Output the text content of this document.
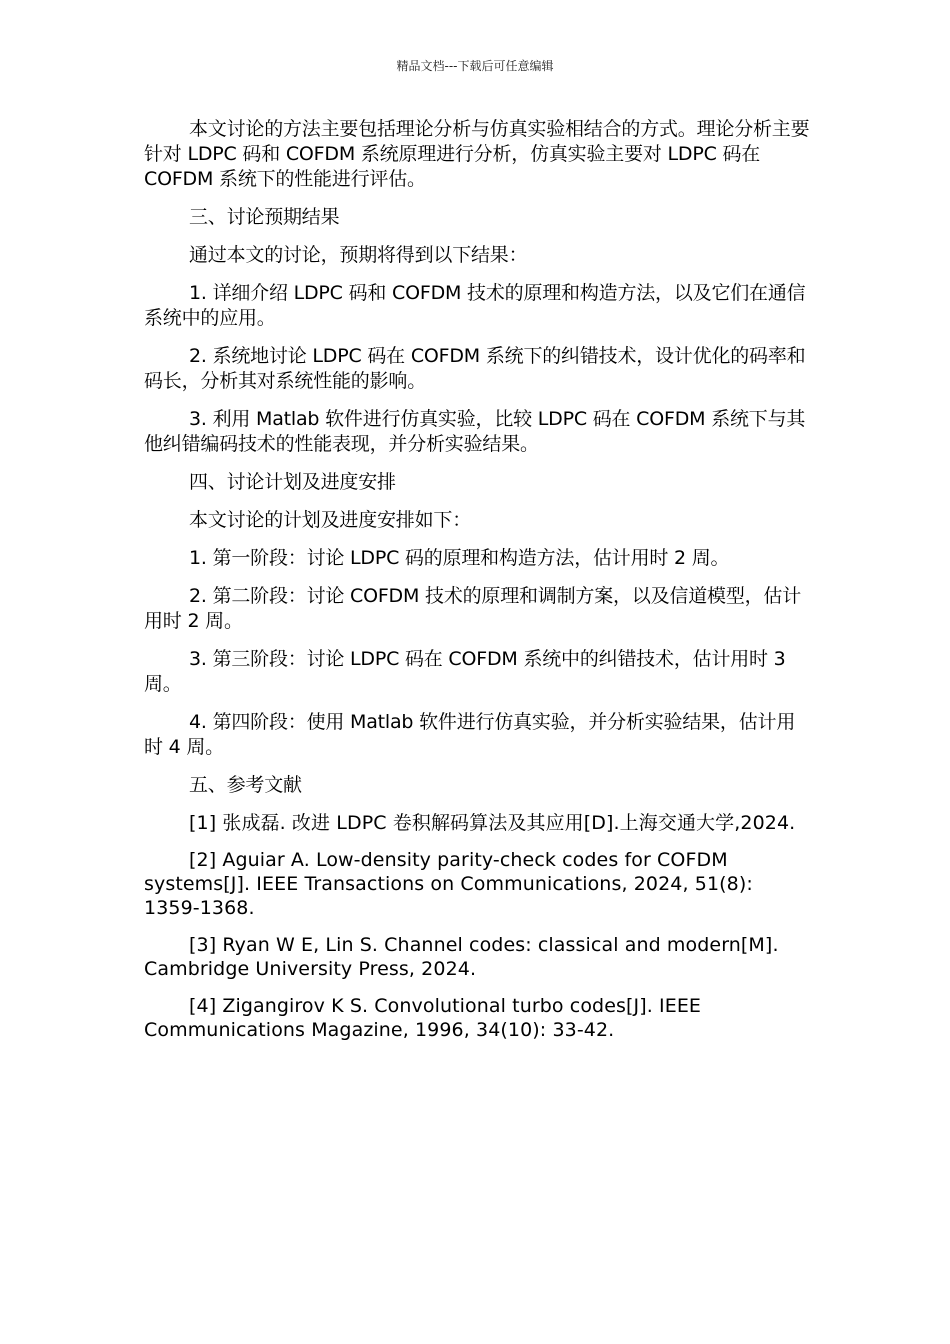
精品文档---下载后可任意编辑

本文讨论的方法主要包括理论分析与仿真实验相结合的方式。理论分析主要针对 LDPC 码和 COFDM 系统原理进行分析，仿真实验主要对 LDPC 码在 COFDM 系统下的性能进行评估。

三、讨论预期结果

通过本文的讨论，预期将得到以下结果：

1. 详细介绍 LDPC 码和 COFDM 技术的原理和构造方法，以及它们在通信系统中的应用。

2. 系统地讨论 LDPC 码在 COFDM 系统下的纠错技术，设计优化的码率和码长，分析其对系统性能的影响。

3. 利用 Matlab 软件进行仿真实验，比较 LDPC 码在 COFDM 系统下与其他纠错编码技术的性能表现，并分析实验结果。

四、讨论计划及进度安排

本文讨论的计划及进度安排如下：

1. 第一阶段：讨论 LDPC 码的原理和构造方法，估计用时 2 周。

2. 第二阶段：讨论 COFDM 技术的原理和调制方案，以及信道模型，估计用时 2 周。

3. 第三阶段：讨论 LDPC 码在 COFDM 系统中的纠错技术，估计用时 3 周。

4. 第四阶段：使用 Matlab 软件进行仿真实验，并分析实验结果，估计用时 4 周。

五、参考文献

[1] 张成磊. 改进 LDPC 卷积解码算法及其应用[D].上海交通大学,2024.

[2] Aguiar A. Low-density parity-check codes for COFDM systems[J]. IEEE Transactions on Communications, 2024, 51(8): 1359-1368.

[3] Ryan W E, Lin S. Channel codes: classical and modern[M]. Cambridge University Press, 2024.

[4] Zigangirov K S. Convolutional turbo codes[J]. IEEE Communications Magazine, 1996, 34(10): 33-42.
